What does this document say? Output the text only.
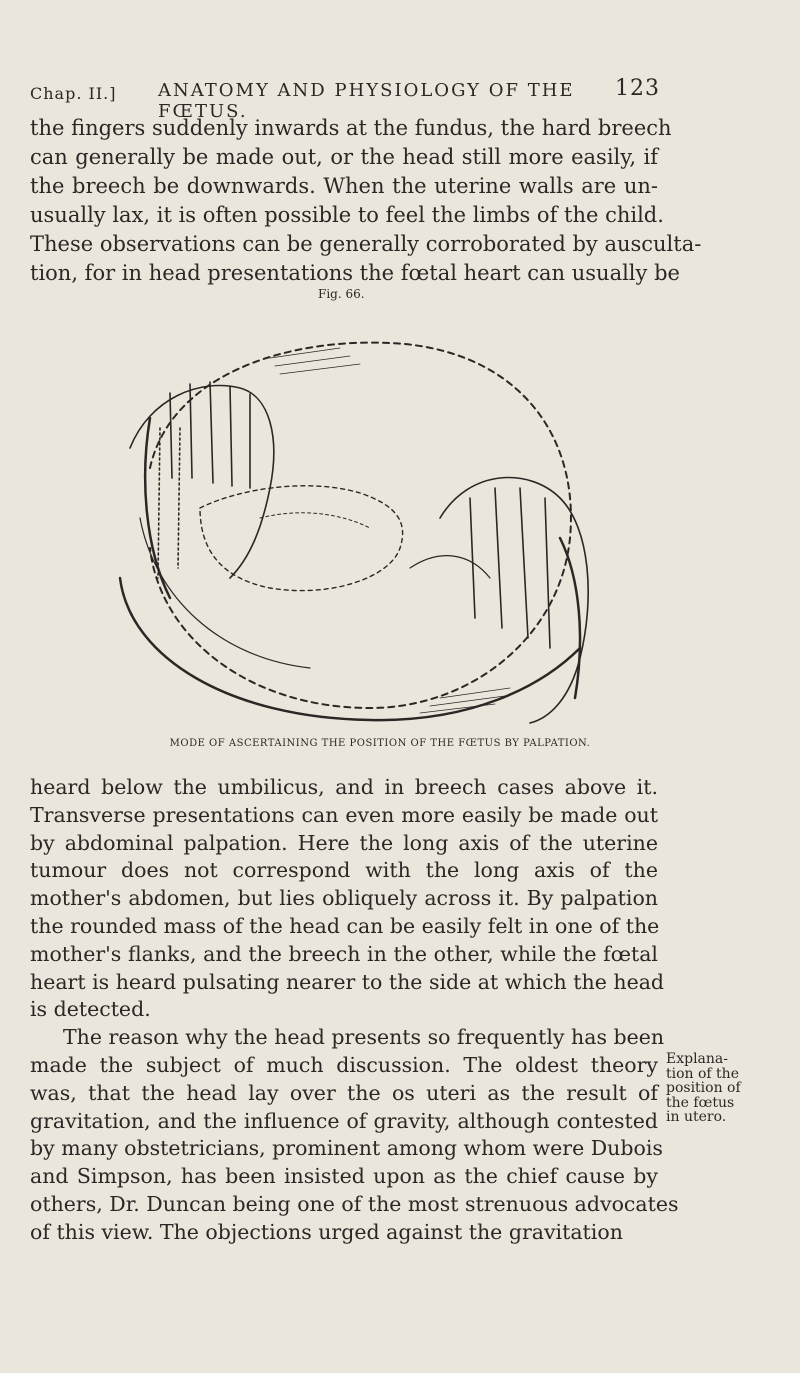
Chap. II.] ANATOMY AND PHYSIOLOGY OF THE FŒTUS.
123
the fingers suddenly inwards at the fundus, the hard breech
can generally be made out, or the head still more easily, if
the breech be downwards. When the uterine walls are un-
usually lax, it is often possible to feel the limbs of the child.
These observations can be generally corroborated by ausculta-
tion, for in head presentations the fœtal heart can usually be
Fig. 66.
MODE OF ASCERTAINING THE POSITION OF THE FŒTUS BY PALPATION.
heard below the umbilicus, and in breech cases above it.
Transverse presentations can even more easily be made out
by abdominal palpation. Here the long axis of the uterine
tumour does not correspond with the long axis of the
mother's abdomen, but lies obliquely across it. By palpation
the rounded mass of the head can be easily felt in one of the
mother's flanks, and the breech in the other, while the fœtal
heart is heard pulsating nearer to the side at which the head
is detected.
The reason why the head presents so frequently has been
made the subject of much discussion. The oldest theory
was, that the head lay over the os uteri as the result of
gravitation, and the influence of gravity, although contested
by many obstetricians, prominent among whom were Dubois
and Simpson, has been insisted upon as the chief cause by
others, Dr. Duncan being one of the most strenuous advocates
of this view. The objections urged against the gravitation
Explana-
tion of the
position of
the fœtus
in utero.
